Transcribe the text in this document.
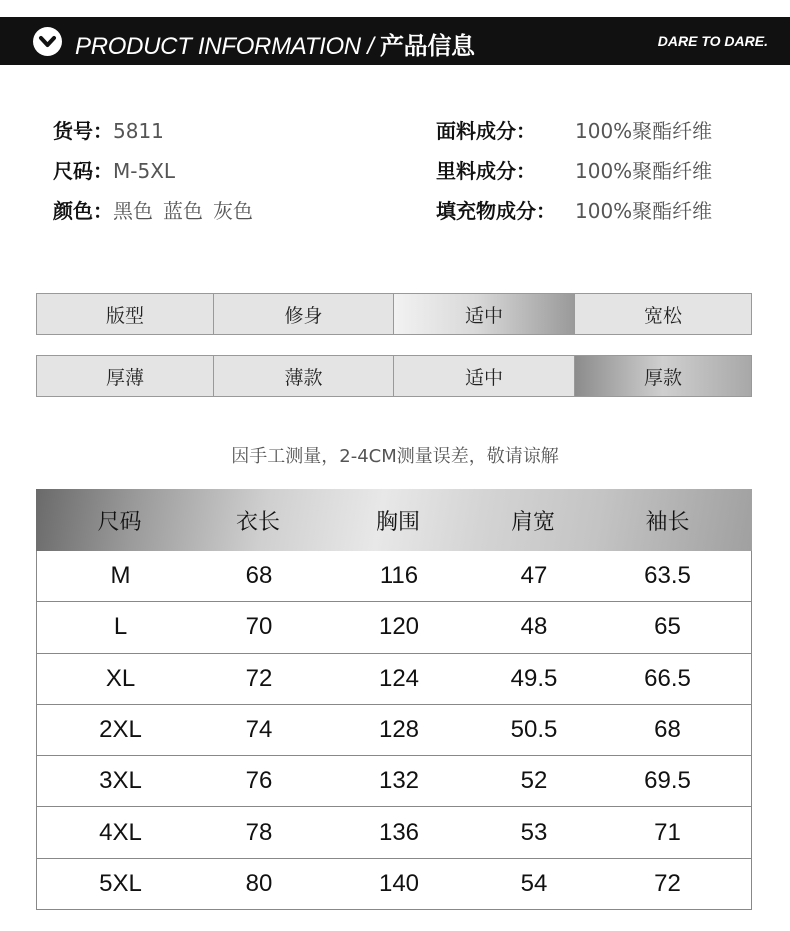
PRODUCT INFORMATION / 产品信息	DARE TO DARE.
货号：5811
尺码：M-5XL
颜色：黑色 蓝色 灰色
面料成分： 100%聚酯纤维
里料成分： 100%聚酯纤维
填充物成分： 100%聚酯纤维
版型	修身	适中	宽松
厚薄	薄款	适中	厚款
因手工测量，2-4CM测量误差，敬请谅解
尺码	衣长	胸围	肩宽	袖长
M	68	116	47	63.5
L	70	120	48	65
XL	72	124	49.5	66.5
2XL	74	128	50.5	68
3XL	76	132	52	69.5
4XL	78	136	53	71
5XL	80	140	54	72
